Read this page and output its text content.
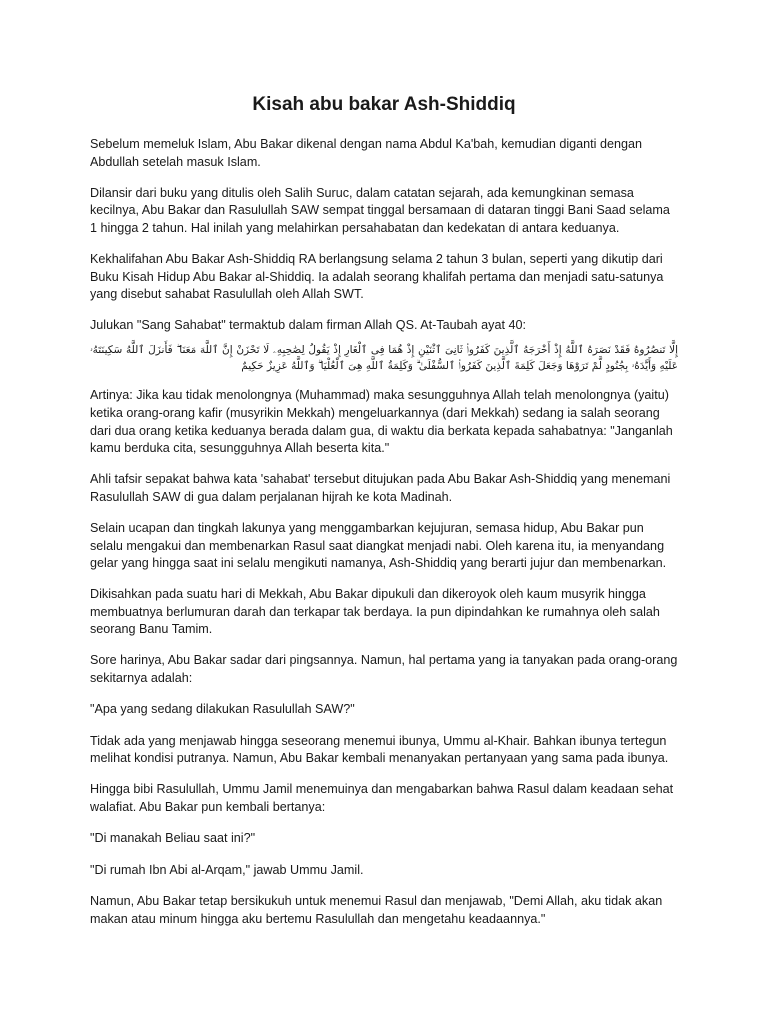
Kisah abu bakar Ash-Shiddiq

Sebelum memeluk Islam, Abu Bakar dikenal dengan nama Abdul Ka'bah, kemudian diganti dengan Abdullah setelah masuk Islam.

Dilansir dari buku yang ditulis oleh Salih Suruc, dalam catatan sejarah, ada kemungkinan semasa kecilnya, Abu Bakar dan Rasulullah SAW sempat tinggal bersamaan di dataran tinggi Bani Saad selama 1 hingga 2 tahun. Hal inilah yang melahirkan persahabatan dan kedekatan di antara keduanya.

Kekhalifahan Abu Bakar Ash-Shiddiq RA berlangsung selama 2 tahun 3 bulan, seperti yang dikutip dari Buku Kisah Hidup Abu Bakar al-Shiddiq. Ia adalah seorang khalifah pertama dan menjadi satu-satunya yang disebut sahabat Rasulullah oleh Allah SWT.

Julukan "Sang Sahabat" termaktub dalam firman Allah QS. At-Taubah ayat 40:

إِلَّا تَنصُرُوهُ فَقَدْ نَصَرَهُ ٱللَّهُ إِذْ أَخْرَجَهُ ٱلَّذِينَ كَفَرُوا۟ ثَانِىَ ٱثْنَيْنِ إِذْ هُمَا فِى ٱلْغَارِ إِذْ يَقُولُ لِصَٰحِبِهِۦ لَا تَحْزَنْ إِنَّ ٱللَّهَ مَعَنَا ۖ فَأَنزَلَ ٱللَّهُ سَكِينَتَهُۥ عَلَيْهِ وَأَيَّدَهُۥ بِجُنُودٍ لَّمْ تَرَوْهَا وَجَعَلَ كَلِمَةَ ٱلَّذِينَ كَفَرُوا۟ ٱلسُّفْلَىٰ ۗ وَكَلِمَةُ ٱللَّهِ هِىَ ٱلْعُلْيَا ۗ وَٱللَّهُ عَزِيزٌ حَكِيمٌ

Artinya: Jika kau tidak menolongnya (Muhammad) maka sesungguhnya Allah telah menolongnya (yaitu) ketika orang-orang kafir (musyrikin Mekkah) mengeluarkannya (dari Mekkah) sedang ia salah seorang dari dua orang ketika keduanya berada dalam gua, di waktu dia berkata kepada sahabatnya: "Janganlah kamu berduka cita, sesungguhnya Allah beserta kita."

Ahli tafsir sepakat bahwa kata 'sahabat' tersebut ditujukan pada Abu Bakar Ash-Shiddiq yang menemani Rasulullah SAW di gua dalam perjalanan hijrah ke kota Madinah.

Selain ucapan dan tingkah lakunya yang menggambarkan kejujuran, semasa hidup, Abu Bakar pun selalu mengakui dan membenarkan Rasul saat diangkat menjadi nabi. Oleh karena itu, ia menyandang gelar yang hingga saat ini selalu mengikuti namanya, Ash-Shiddiq yang berarti jujur dan membenarkan.

Dikisahkan pada suatu hari di Mekkah, Abu Bakar dipukuli dan dikeroyok oleh kaum musyrik hingga membuatnya berlumuran darah dan terkapar tak berdaya. Ia pun dipindahkan ke rumahnya oleh salah seorang Banu Tamim.

Sore harinya, Abu Bakar sadar dari pingsannya. Namun, hal pertama yang ia tanyakan pada orang-orang sekitarnya adalah:

"Apa yang sedang dilakukan Rasulullah SAW?"

Tidak ada yang menjawab hingga seseorang menemui ibunya, Ummu al-Khair. Bahkan ibunya tertegun melihat kondisi putranya. Namun, Abu Bakar kembali menanyakan pertanyaan yang sama pada ibunya.

Hingga bibi Rasulullah, Ummu Jamil menemuinya dan mengabarkan bahwa Rasul dalam keadaan sehat walafiat. Abu Bakar pun kembali bertanya:

"Di manakah Beliau saat ini?"

"Di rumah Ibn Abi al-Arqam," jawab Ummu Jamil.

Namun, Abu Bakar tetap bersikukuh untuk menemui Rasul dan menjawab, "Demi Allah, aku tidak akan makan atau minum hingga aku bertemu Rasulullah dan mengetahu keadaannya."
